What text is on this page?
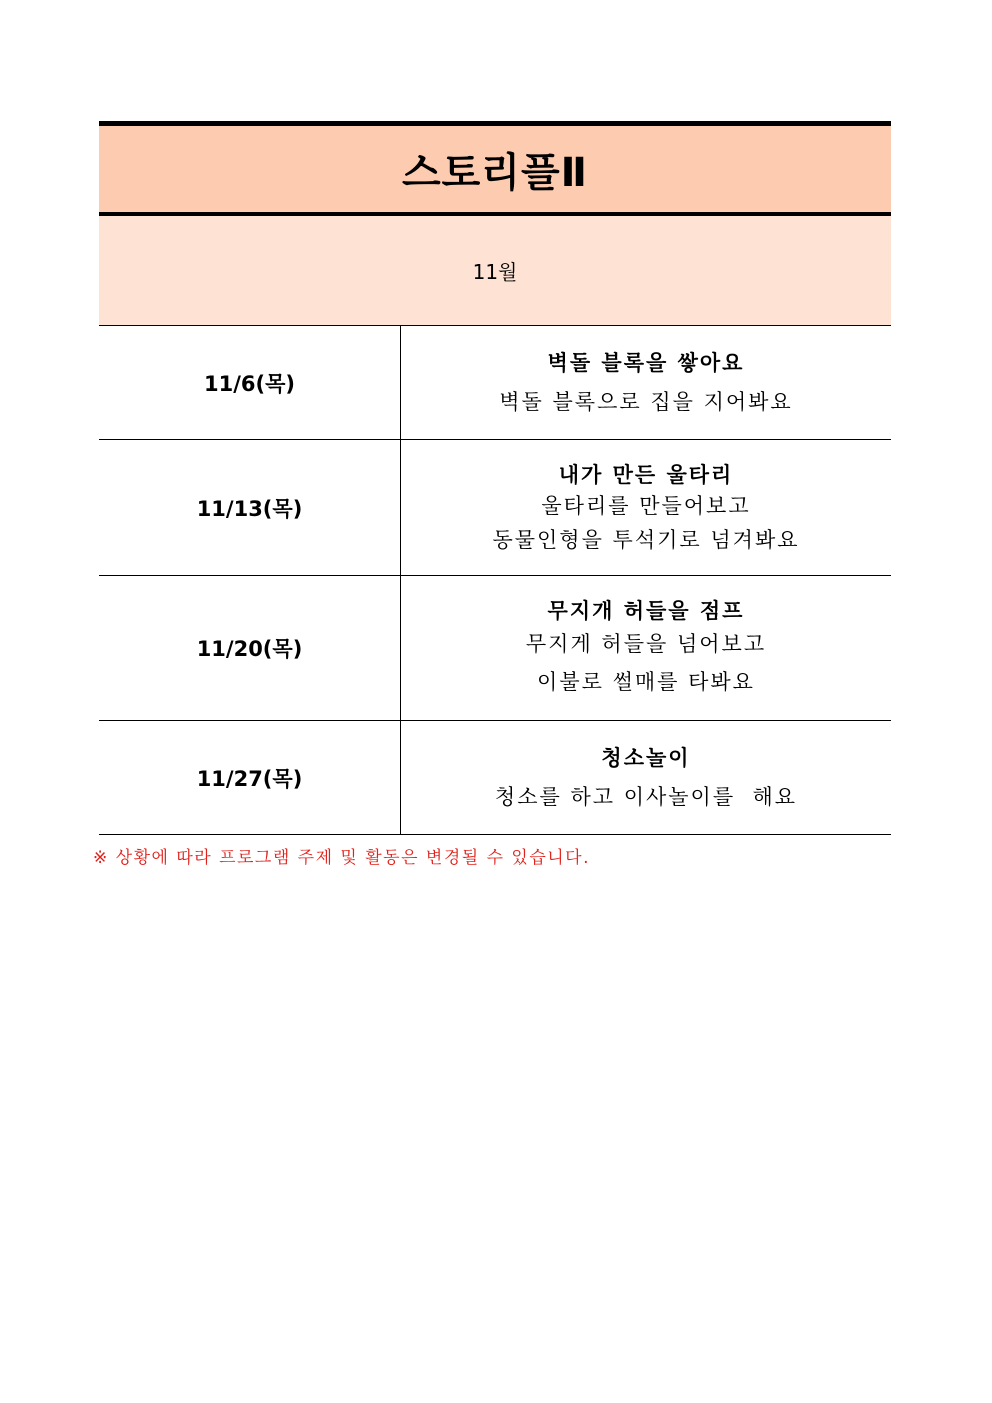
스토리플Ⅱ
11월
11/6(목)
벽돌 블록을 쌓아요
벽돌 블록으로 집을 지어봐요
11/13(목)
내가 만든 울타리
울타리를 만들어보고
동물인형을 투석기로 넘겨봐요
11/20(목)
무지개 허들을 점프
무지게 허들을 넘어보고
이불로 썰매를 타봐요
11/27(목)
청소놀이
청소를 하고 이사놀이를  해요
※ 상황에 따라 프로그램 주제 및 활동은 변경될 수 있습니다.
